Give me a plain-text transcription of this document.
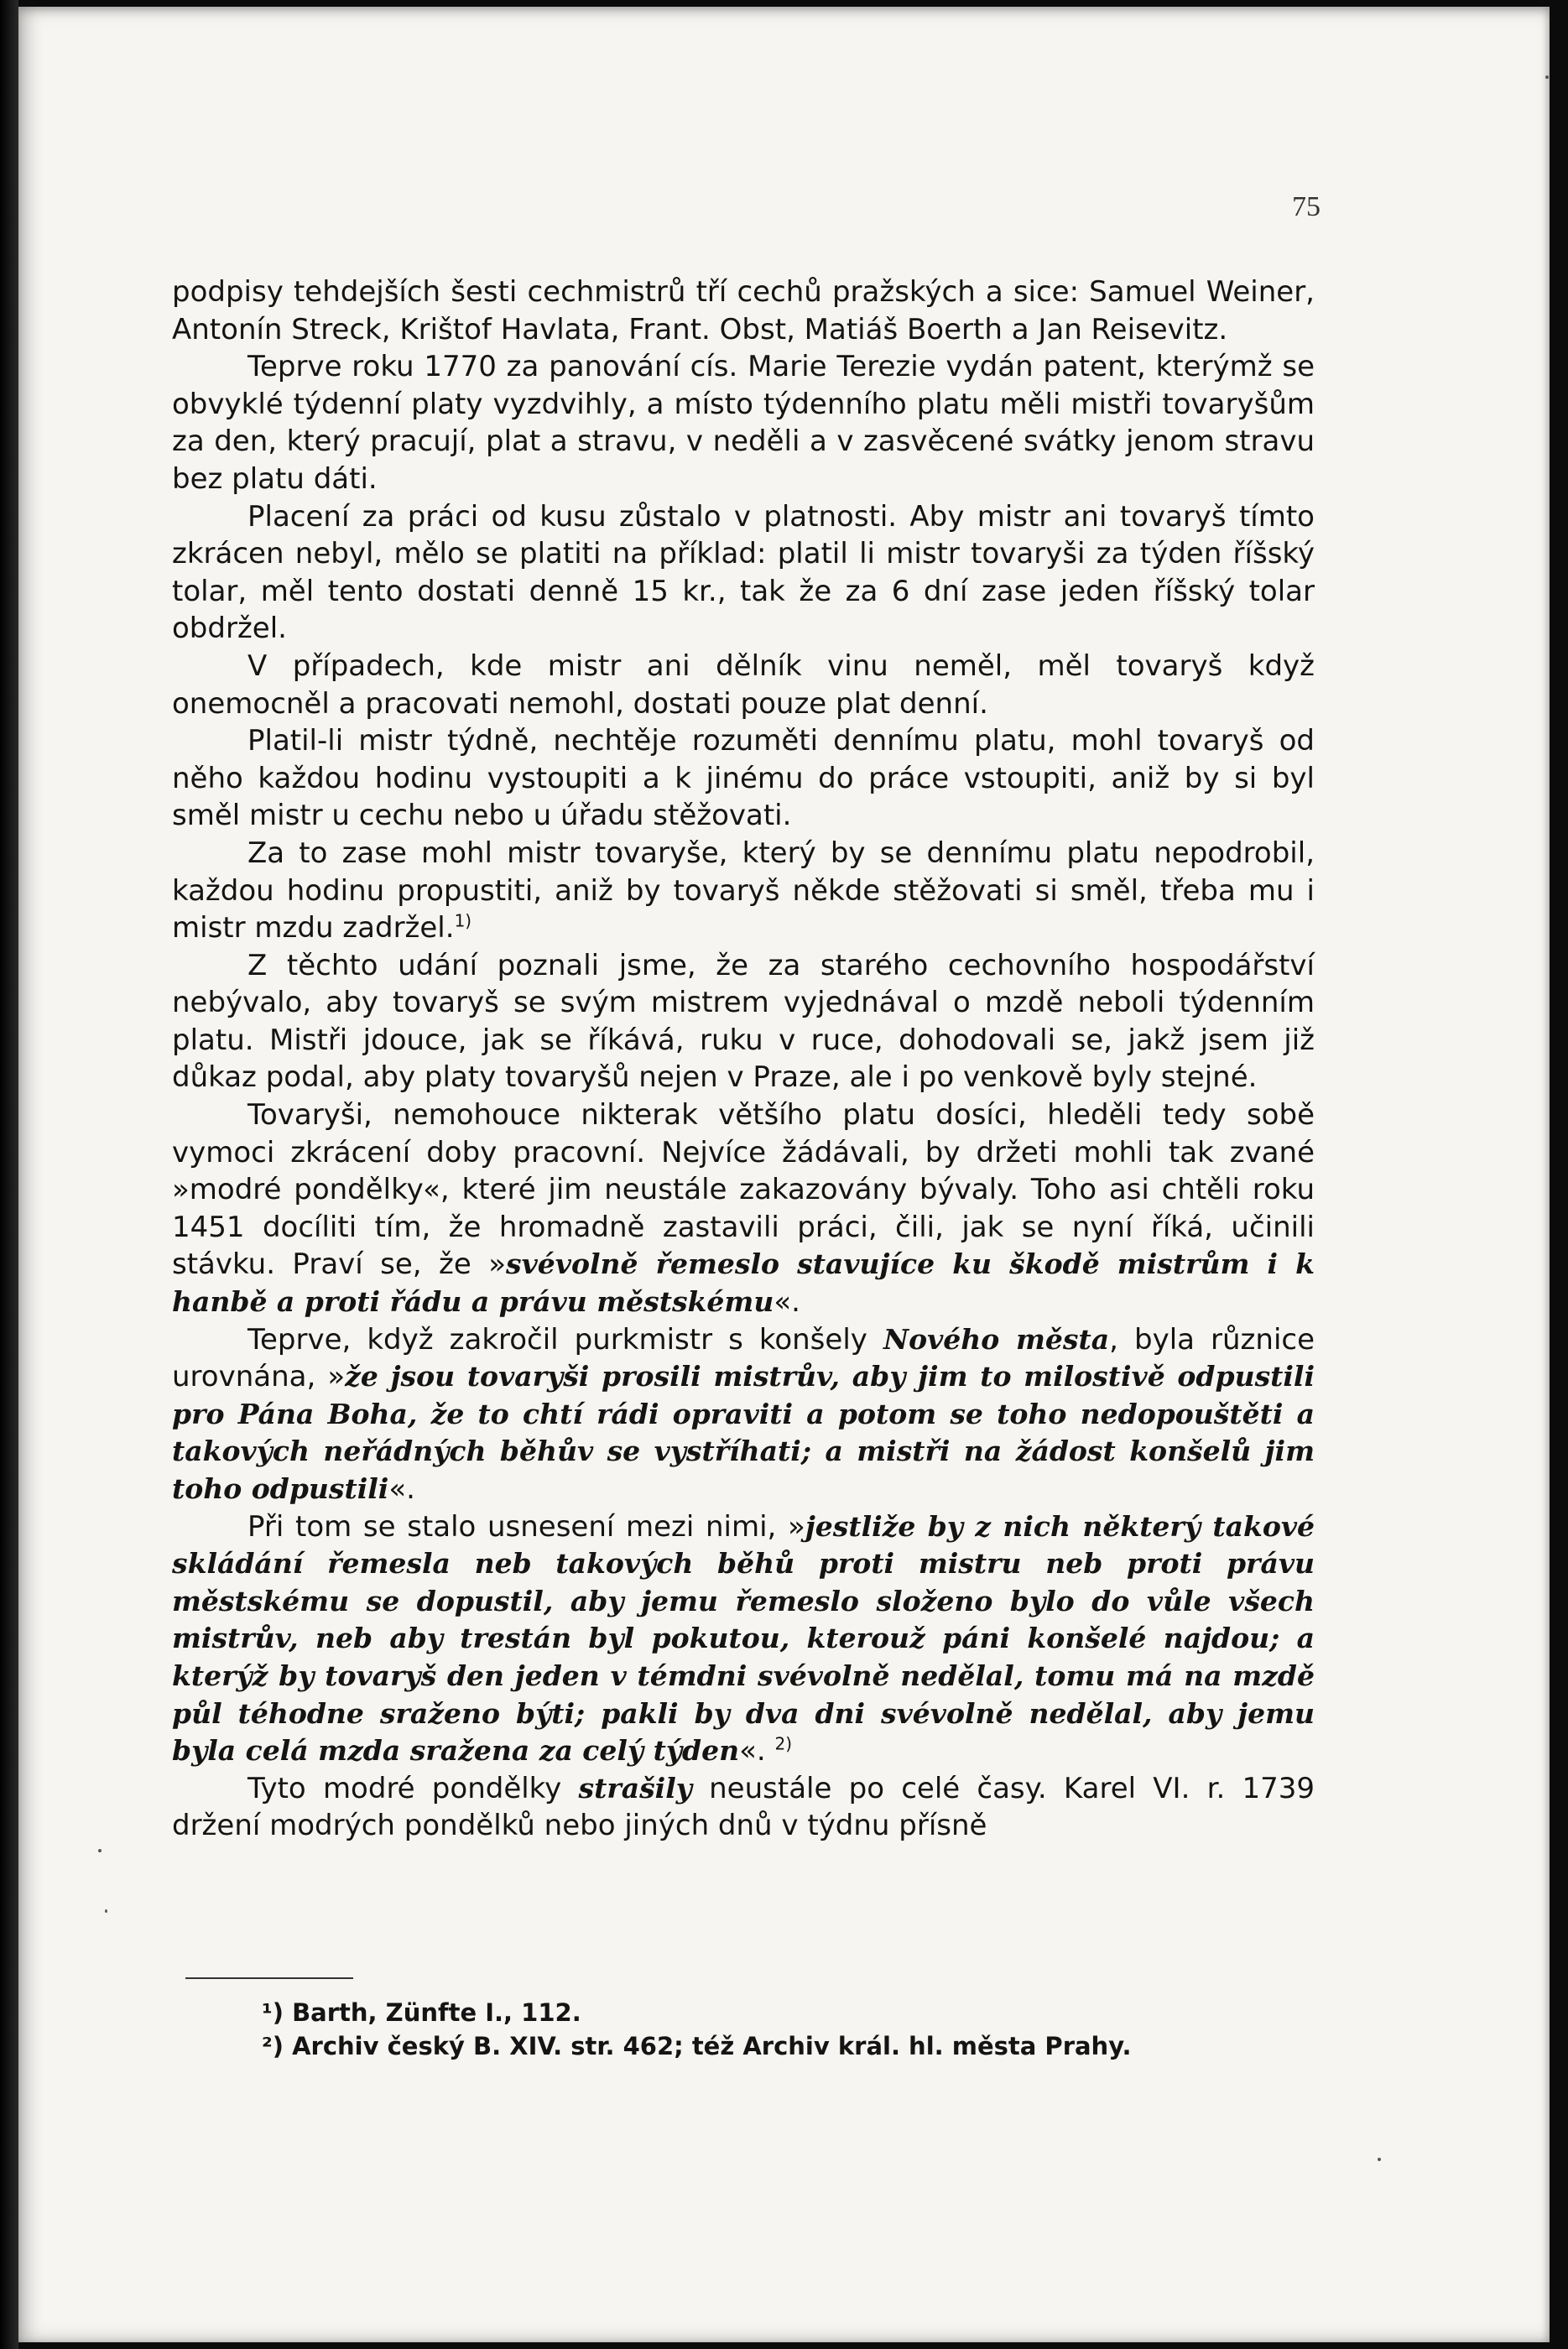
75

podpisy tehdejších šesti cechmistrů tří cechů pražských a sice: Samuel Weiner, Antonín Streck, Krištof Havlata, Frant. Obst, Matiáš Boerth a Jan Reisevitz.

Teprve roku 1770 za panování cís. Marie Terezie vydán patent, kterýmž se obvyklé týdenní platy vyzdvihly, a místo týdenního platu měli mistři tovaryšům za den, který pracují, plat a stravu, v neděli a v zasvěcené svátky jenom stravu bez platu dáti.

Placení za práci od kusu zůstalo v platnosti. Aby mistr ani tovaryš tímto zkrácen nebyl, mělo se platiti na příklad: platil li mistr tovaryši za týden říšský tolar, měl tento dostati denně 15 kr., tak že za 6 dní zase jeden říšský tolar obdržel.

V případech, kde mistr ani dělník vinu neměl, měl tovaryš když onemocněl a pracovati nemohl, dostati pouze plat denní.

Platil-li mistr týdně, nechtěje rozuměti dennímu platu, mohl tovaryš od něho každou hodinu vystoupiti a k jinému do práce vstoupiti, aniž by si byl směl mistr u cechu nebo u úřadu stěžovati.

Za to zase mohl mistr tovaryše, který by se dennímu platu nepodrobil, každou hodinu propustiti, aniž by tovaryš někde stěžovati si směl, třeba mu i mistr mzdu zadržel.$^{1)}$

Z těchto udání poznali jsme, že za starého cechovního hospodářství nebývalo, aby tovaryš se svým mistrem vyjednával o mzdě neboli týdenním platu. Mistři jdouce, jak se říkává, ruku v ruce, dohodovali se, jakž jsem již důkaz podal, aby platy tovaryšů nejen v Praze, ale i po venkově byly stejné.

Tovaryši, nemohouce nikterak většího platu dosíci, hleděli tedy sobě vymoci zkrácení doby pracovní. Nejvíce žádávali, by držeti mohli tak zvané »modré pondělky«, které jim neustále zakazovány bývaly. Toho asi chtěli roku 1451 docíliti tím, že hromadně zastavili práci, čili, jak se nyní říká, učinili stávku. Praví se, že »svévolně řemeslo stavujíce ku škodě mistrům i k hanbě a proti řádu a právu městskému«.

Teprve, když zakročil purkmistr s konšely Nového města, byla různice urovnána, »že jsou tovaryši prosili mistrův, aby jim to milostivě odpustili pro Pána Boha, že to chtí rádi opraviti a potom se toho nedopouštěti a takových neřádných běhův se vystříhati; a mistři na žádost konšelů jim toho odpustili«.

Při tom se stalo usnesení mezi nimi, »jestliže by z nich některý takové skládání řemesla neb takových běhů proti mistru neb proti právu městskému se dopustil, aby jemu řemeslo složeno bylo do vůle všech mistrův, neb aby trestán byl pokutou, kterouž páni konšelé najdou; a kterýž by tovaryš den jeden v témdni svévolně nedělal, tomu má na mzdě půl téhodne sraženo býti; pakli by dva dni svévolně nedělal, aby jemu byla celá mzda sražena za celý týden«. $^{2)}$

Tyto modré pondělky strašily neustále po celé časy. Karel VI. r. 1739 držení modrých pondělků nebo jiných dnů v týdnu přísně

¹) Barth, Zünfte I., 112.
²) Archiv český B. XIV. str. 462; též Archiv král. hl. města Prahy.
